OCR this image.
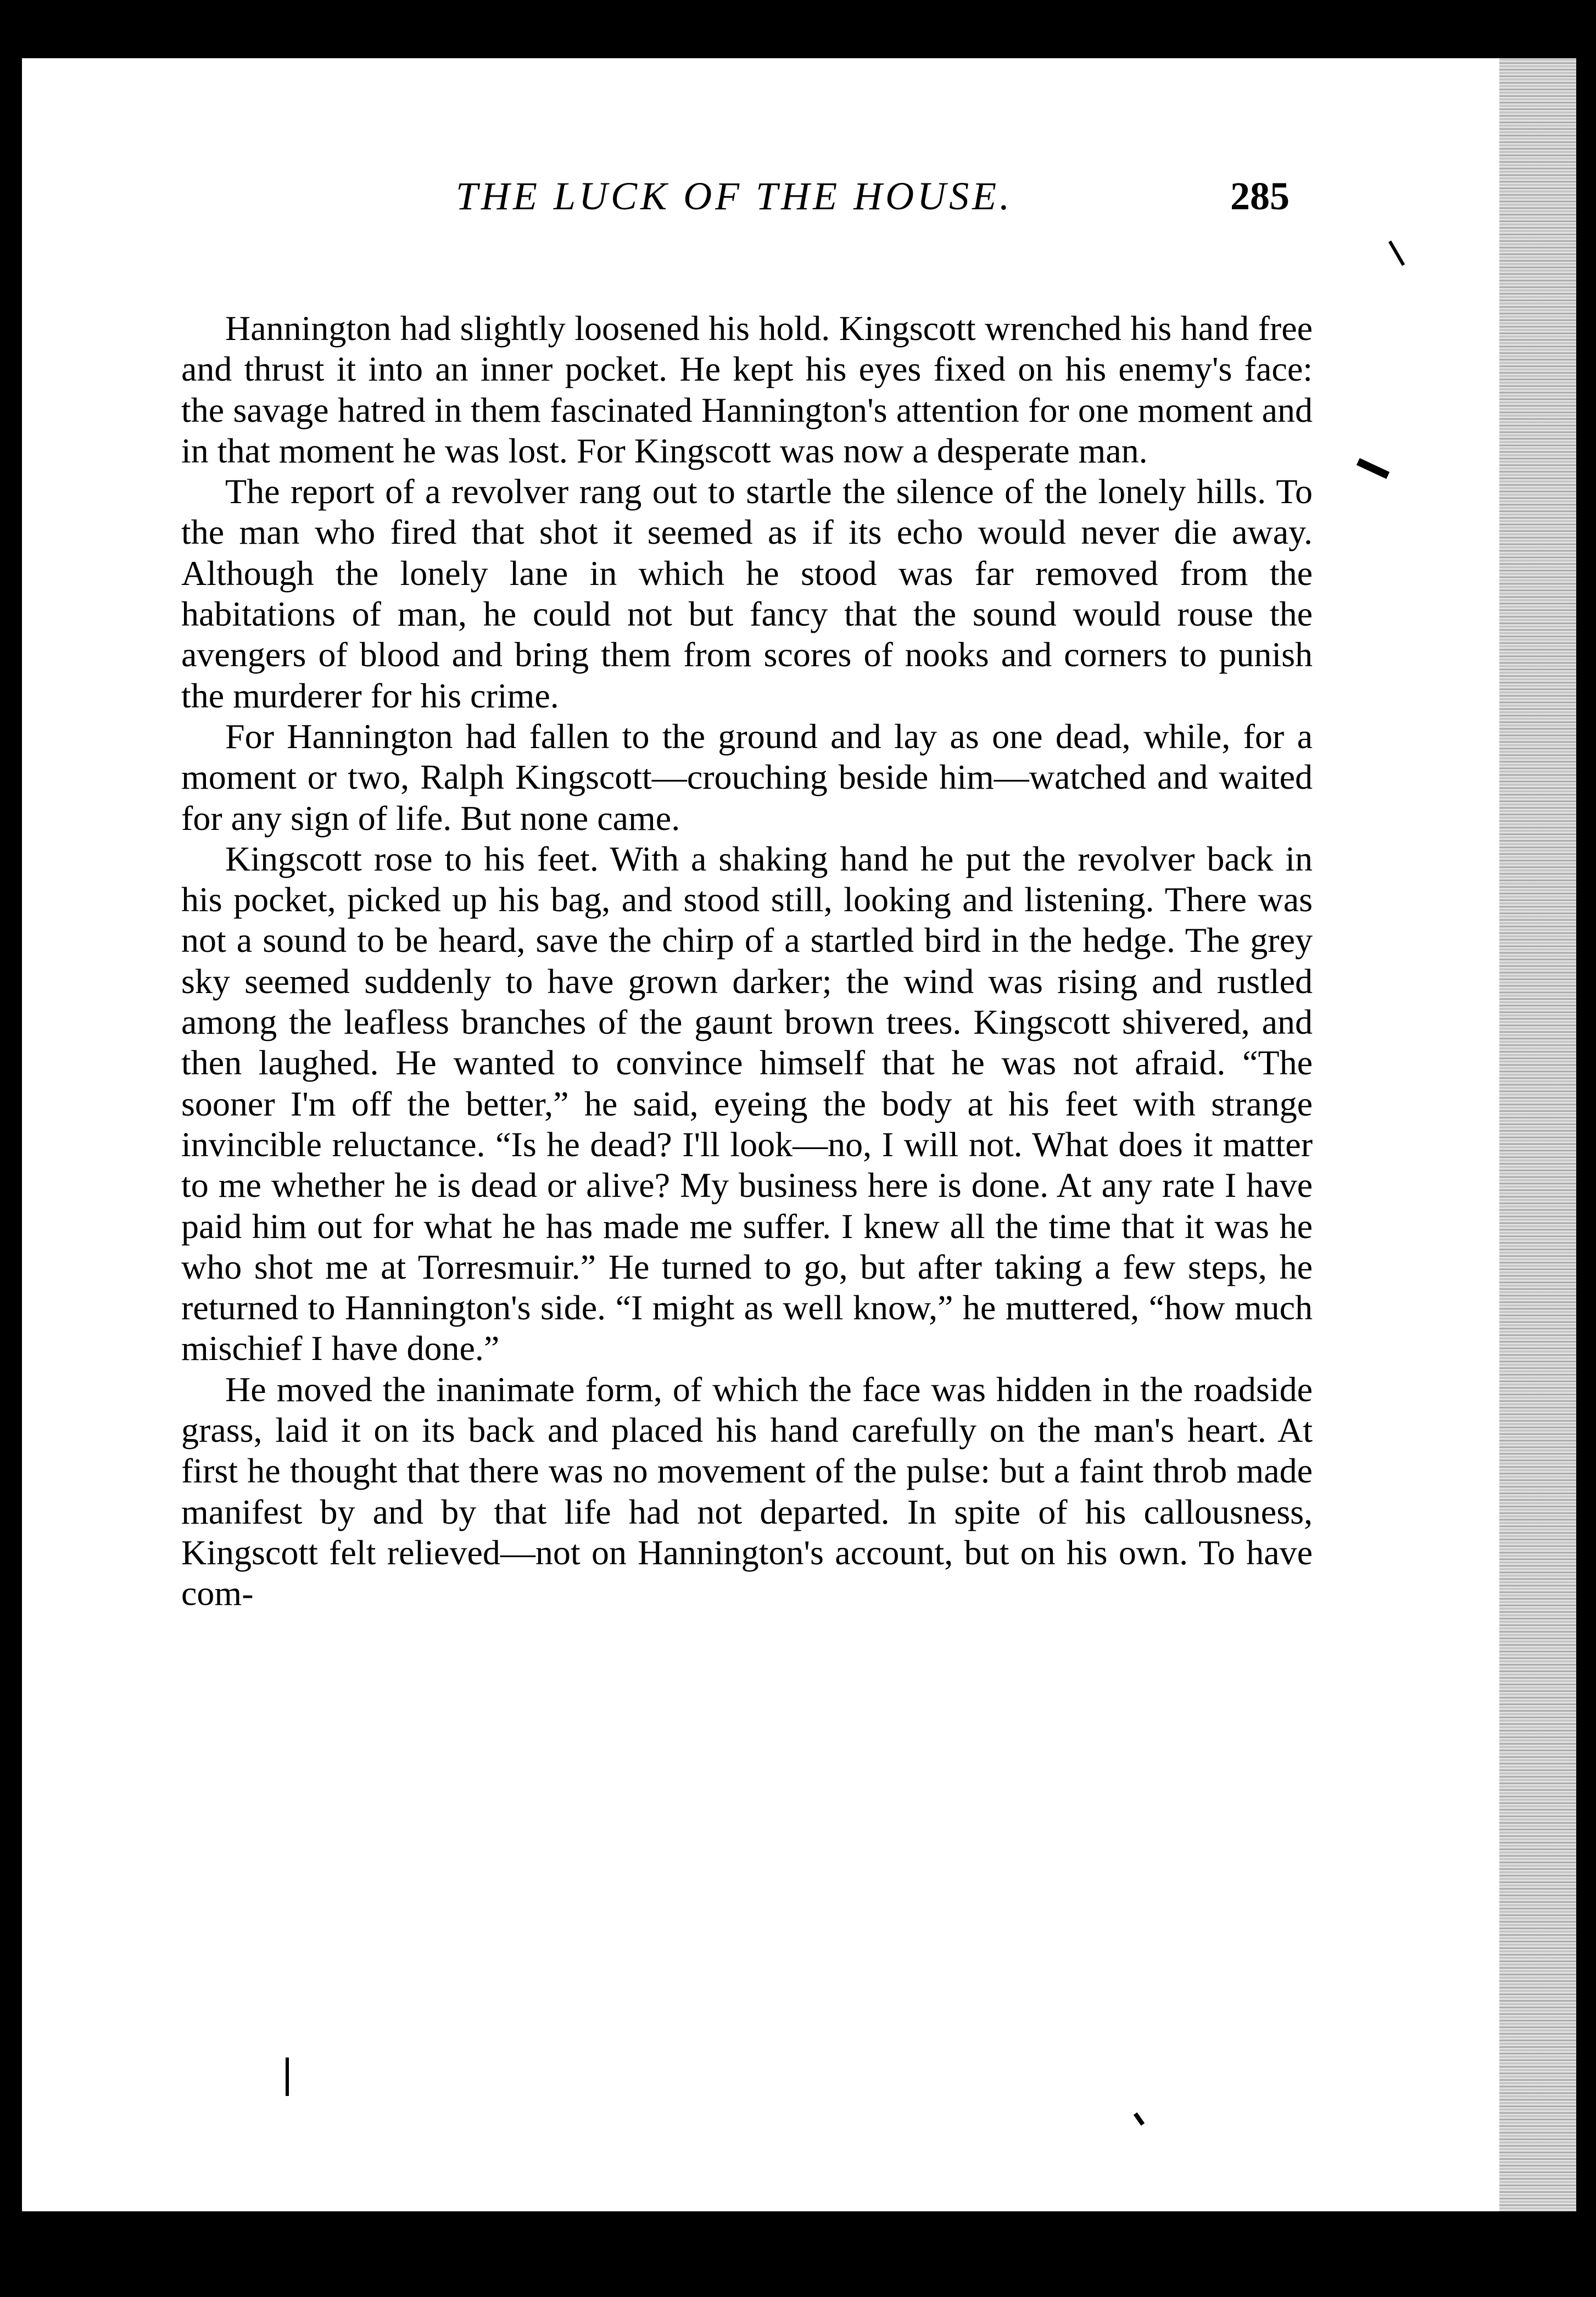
THE LUCK OF THE HOUSE.	285

Hannington had slightly loosened his hold. Kingscott wrenched his hand free and thrust it into an inner pocket. He kept his eyes fixed on his enemy's face: the savage hatred in them fascinated Hannington's attention for one moment and in that moment he was lost. For Kingscott was now a desperate man.

The report of a revolver rang out to startle the silence of the lonely hills. To the man who fired that shot it seemed as if its echo would never die away. Although the lonely lane in which he stood was far removed from the habitations of man, he could not but fancy that the sound would rouse the avengers of blood and bring them from scores of nooks and corners to punish the murderer for his crime.

For Hannington had fallen to the ground and lay as one dead, while, for a moment or two, Ralph Kingscott—crouching beside him—watched and waited for any sign of life. But none came.

Kingscott rose to his feet. With a shaking hand he put the revolver back in his pocket, picked up his bag, and stood still, looking and listening. There was not a sound to be heard, save the chirp of a startled bird in the hedge. The grey sky seemed suddenly to have grown darker; the wind was rising and rustled among the leafless branches of the gaunt brown trees. Kingscott shivered, and then laughed. He wanted to convince himself that he was not afraid. “The sooner I'm off the better,” he said, eyeing the body at his feet with strange invincible reluctance. “Is he dead? I'll look—no, I will not. What does it matter to me whether he is dead or alive? My business here is done. At any rate I have paid him out for what he has made me suffer. I knew all the time that it was he who shot me at Torresmuir.” He turned to go, but after taking a few steps, he returned to Hannington's side. “I might as well know,” he muttered, “how much mischief I have done.”

He moved the inanimate form, of which the face was hidden in the roadside grass, laid it on its back and placed his hand carefully on the man's heart. At first he thought that there was no movement of the pulse: but a faint throb made manifest by and by that life had not departed. In spite of his callousness, Kingscott felt relieved—not on Hannington's account, but on his own. To have com-
